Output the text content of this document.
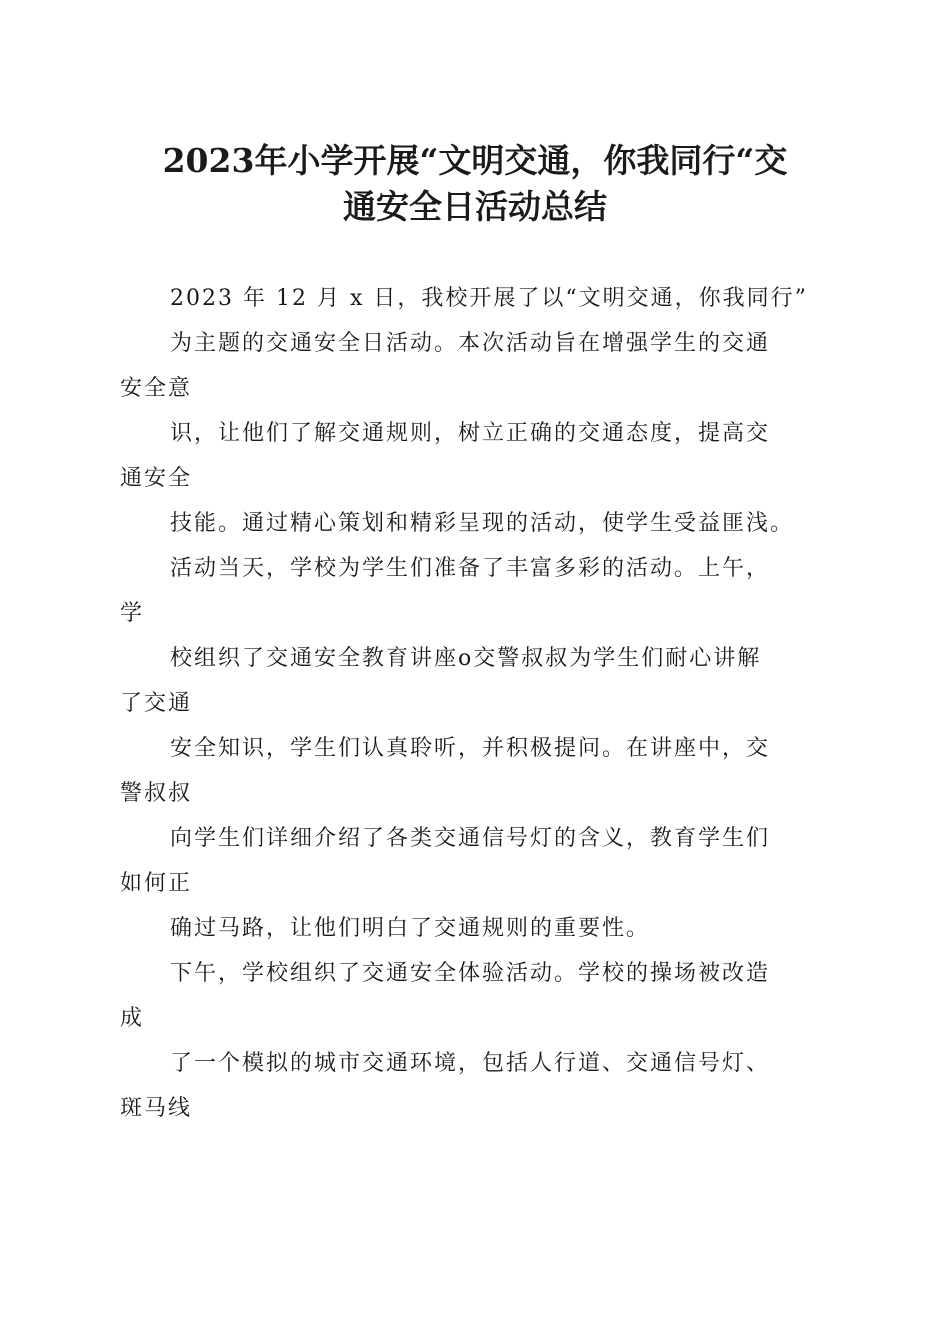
2023年小学开展“文明交通，你我同行“交
通安全日活动总结

2023 年 12 月 x 日，我校开展了以“文明交通，你我同行”

为主题的交通安全日活动。本次活动旨在增强学生的交通

安全意

识，让他们了解交通规则，树立正确的交通态度，提高交

通安全

技能。通过精心策划和精彩呈现的活动，使学生受益匪浅。

活动当天，学校为学生们准备了丰富多彩的活动。上午，

学

校组织了交通安全教育讲座o交警叔叔为学生们耐心讲解

了交通

安全知识，学生们认真聆听，并积极提问。在讲座中，交

警叔叔

向学生们详细介绍了各类交通信号灯的含义，教育学生们

如何正

确过马路，让他们明白了交通规则的重要性。

下午，学校组织了交通安全体验活动。学校的操场被改造

成

了一个模拟的城市交通环境，包括人行道、交通信号灯、

斑马线
